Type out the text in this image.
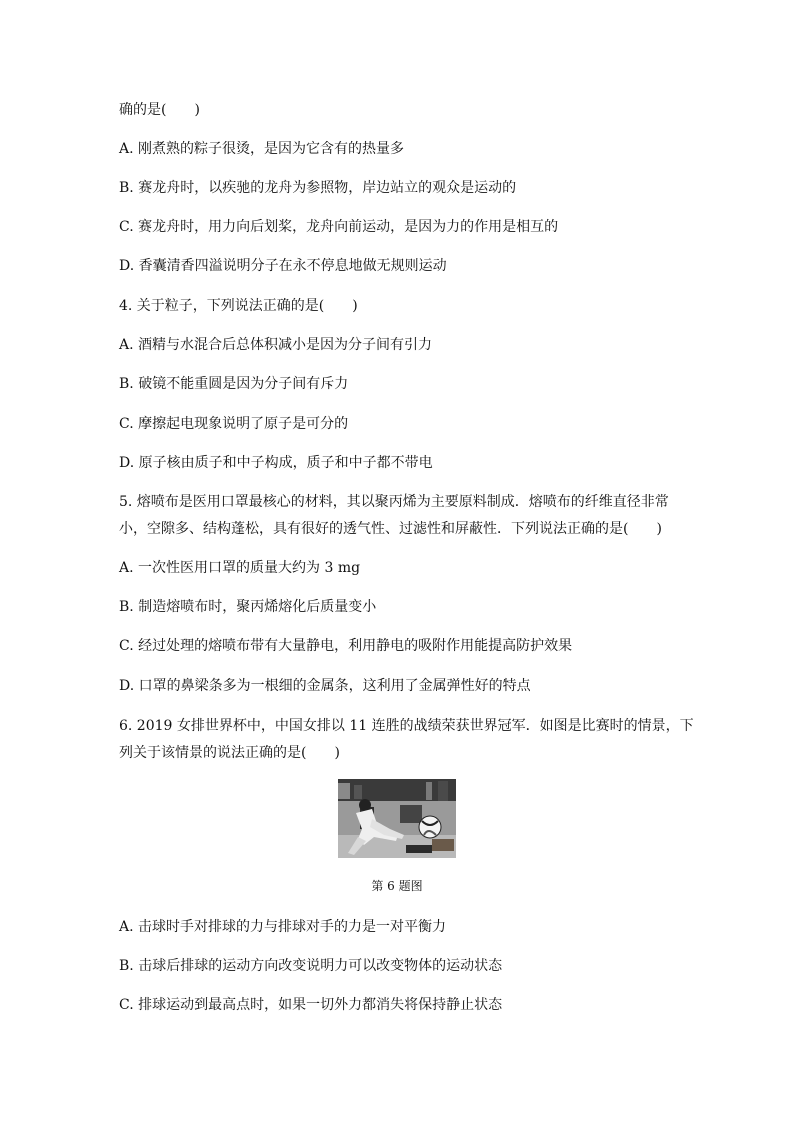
确的是(　　)
A. 刚煮熟的粽子很烫，是因为它含有的热量多
B. 赛龙舟时，以疾驰的龙舟为参照物，岸边站立的观众是运动的
C. 赛龙舟时，用力向后划桨，龙舟向前运动，是因为力的作用是相互的
D. 香囊清香四溢说明分子在永不停息地做无规则运动
4. 关于粒子，下列说法正确的是(　　)
A. 酒精与水混合后总体积减小是因为分子间有引力
B. 破镜不能重圆是因为分子间有斥力
C. 摩擦起电现象说明了原子是可分的
D. 原子核由质子和中子构成，质子和中子都不带电
5. 熔喷布是医用口罩最核心的材料，其以聚丙烯为主要原料制成．熔喷布的纤维直径非常
小，空隙多、结构蓬松，具有很好的透气性、过滤性和屏蔽性．下列说法正确的是(　　)
A. 一次性医用口罩的质量大约为 3 mg
B. 制造熔喷布时，聚丙烯熔化后质量变小
C. 经过处理的熔喷布带有大量静电，利用静电的吸附作用能提高防护效果
D. 口罩的鼻梁条多为一根细的金属条，这利用了金属弹性好的特点
6. 2019 女排世界杯中，中国女排以 11 连胜的战绩荣获世界冠军．如图是比赛时的情景，下
列关于该情景的说法正确的是(　　)
第 6 题图
A. 击球时手对排球的力与排球对手的力是一对平衡力
B. 击球后排球的运动方向改变说明力可以改变物体的运动状态
C. 排球运动到最高点时，如果一切外力都消失将保持静止状态
